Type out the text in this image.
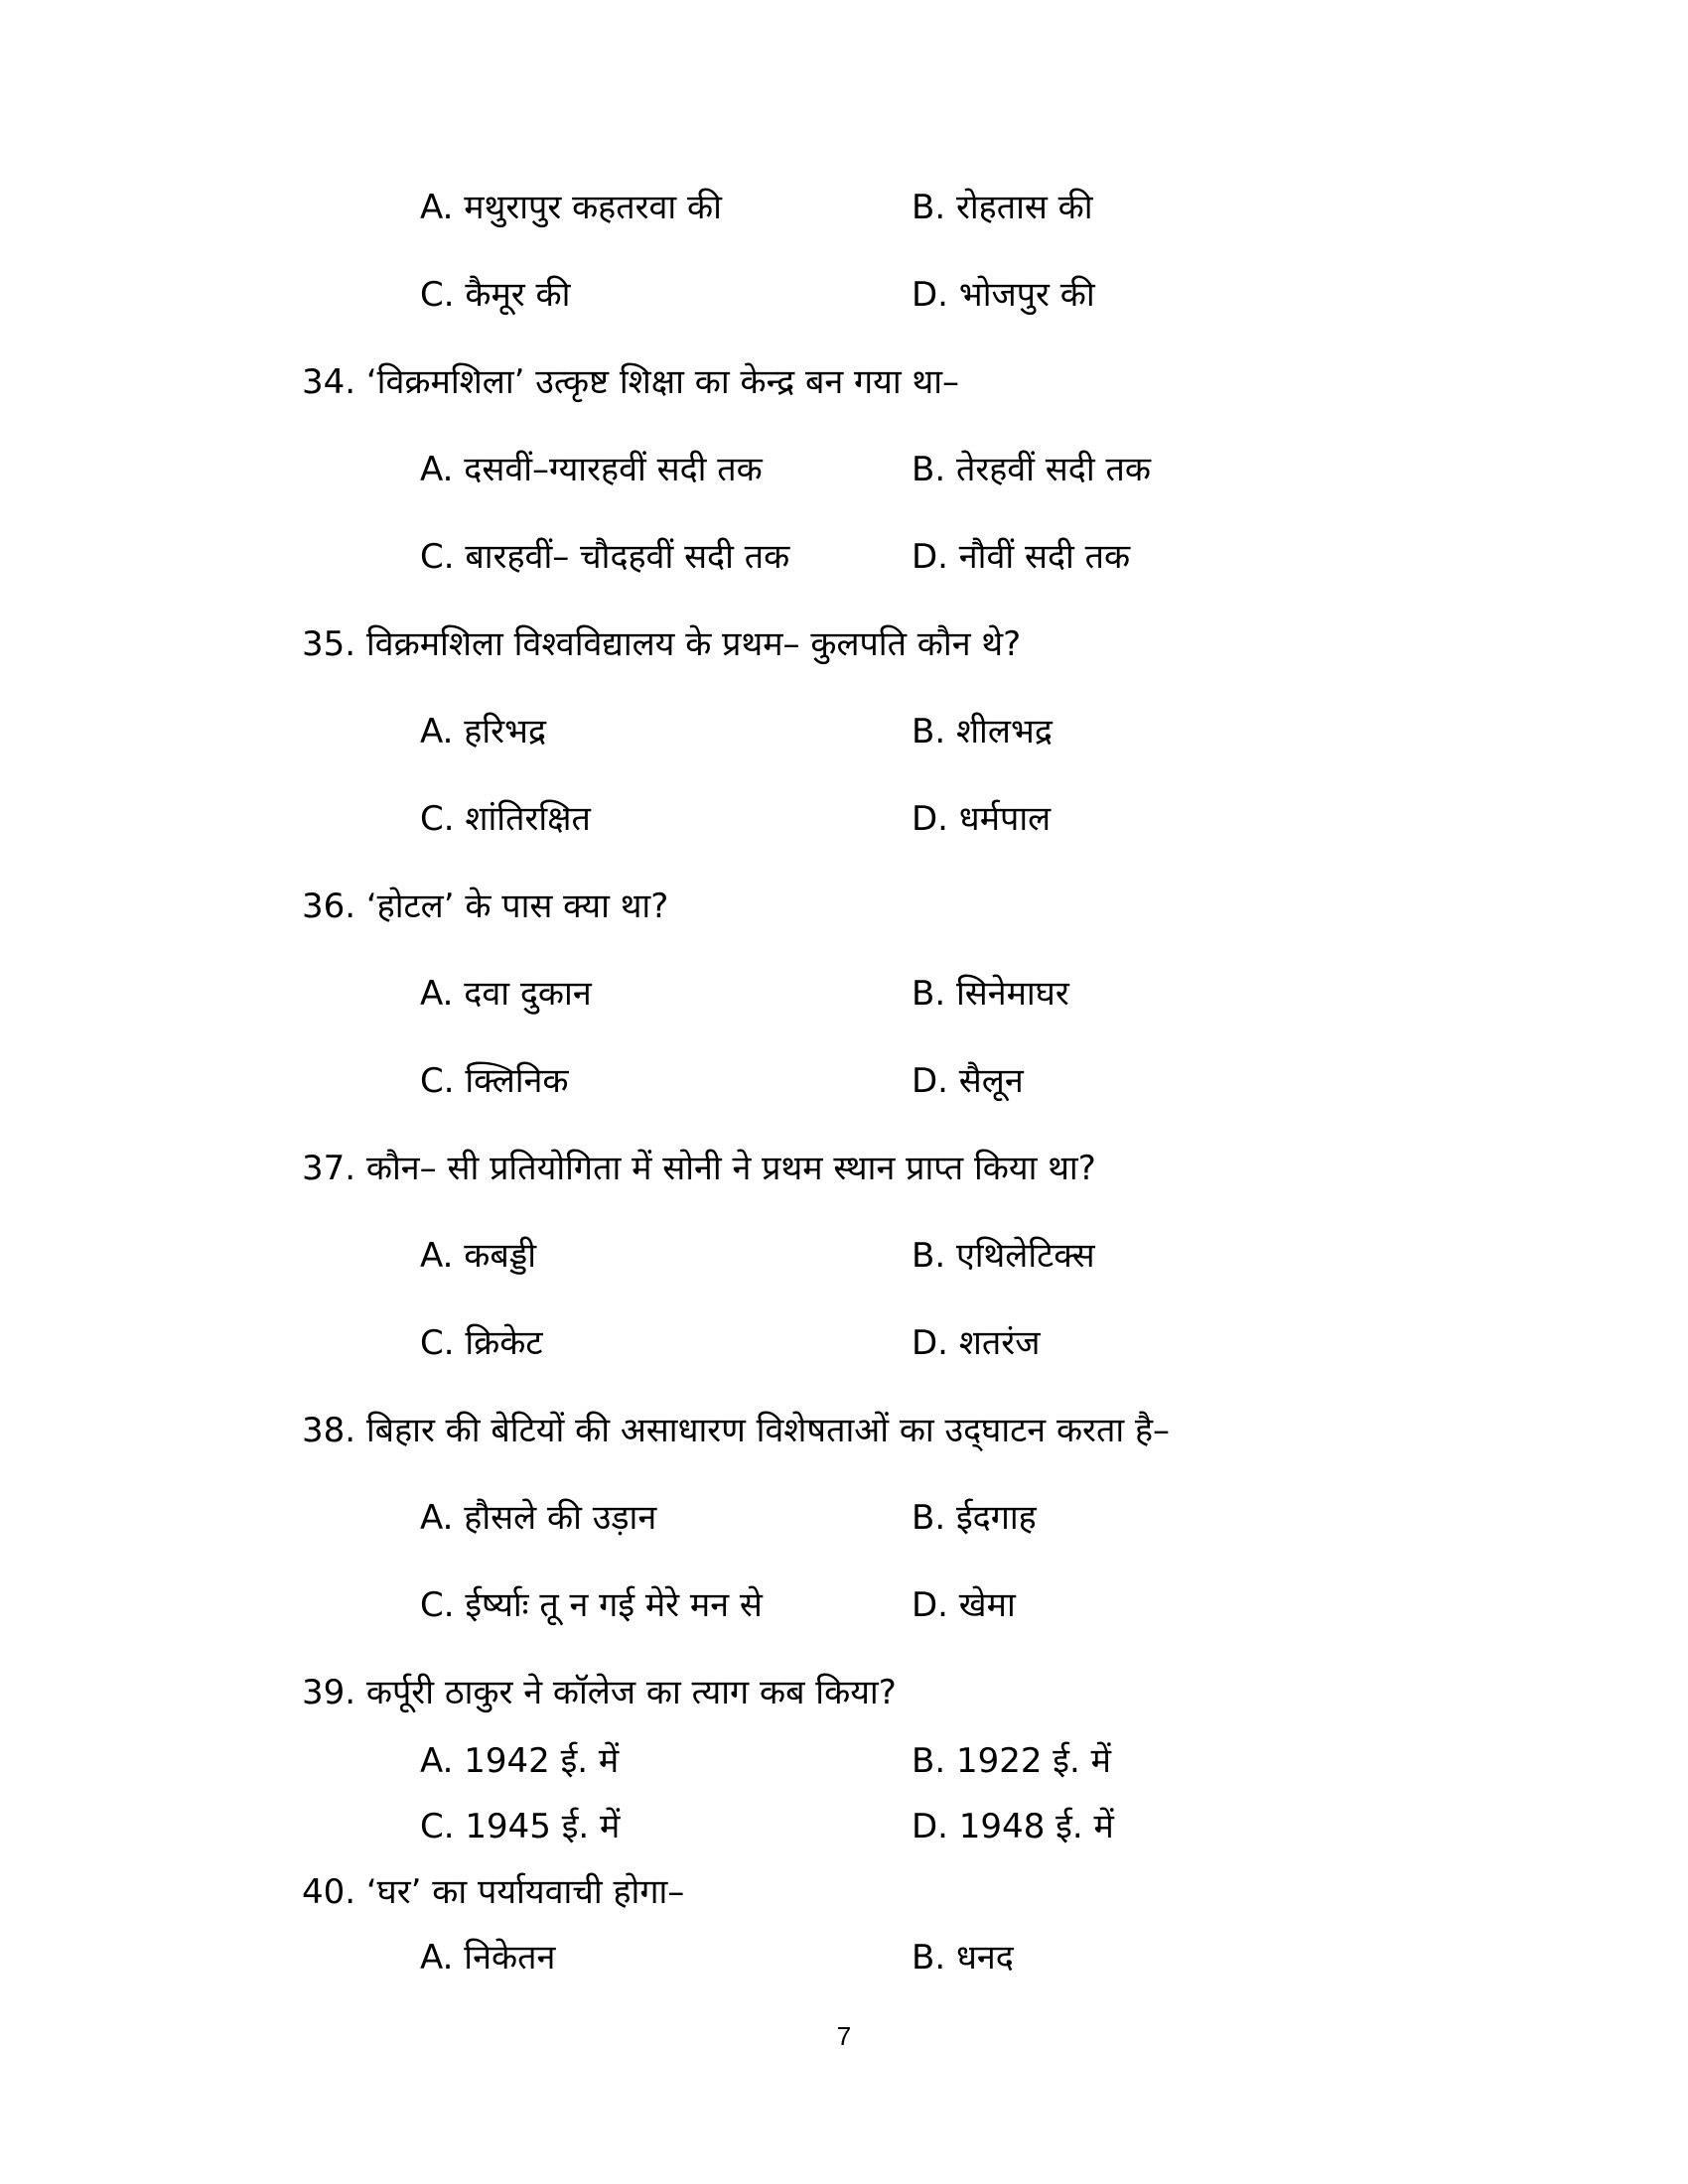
A. मथुरापुर कहतरवा की	B. रोहतास की
C. कैमूर की	D. भोजपुर की
34. ‘विक्रमशिला’ उत्कृष्ट शिक्षा का केन्द्र बन गया था–
A. दसवीं–ग्यारहवीं सदी तक	B. तेरहवीं सदी तक
C. बारहवीं– चौदहवीं सदी तक	D. नौवीं सदी तक
35. विक्रमशिला विश्वविद्यालय के प्रथम– कुलपति कौन थे?
A. हरिभद्र	B. शीलभद्र
C. शांतिरक्षित	D. धर्मपाल
36. ‘होटल’ के पास क्या था?
A. दवा दुकान	B. सिनेमाघर
C. क्लिनिक	D. सैलून
37. कौन– सी प्रतियोगिता में सोनी ने प्रथम स्थान प्राप्त किया था?
A. कबड्डी	B. एथिलेटिक्स
C. क्रिकेट	D. शतरंज
38. बिहार की बेटियों की असाधारण विशेषताओं का उद्‌घाटन करता है–
A. हौसले की उड़ान	B. ईदगाह
C. ईर्ष्याः तू न गई मेरे मन से	D. खेमा
39. कर्पूरी ठाकुर ने कॉलेज का त्याग कब किया?
A. 1942 ई. में	B. 1922 ई. में
C. 1945 ई. में	D. 1948 ई. में
40. ‘घर’ का पर्यायवाची होगा–
A. निकेतन	B. धनद
7
